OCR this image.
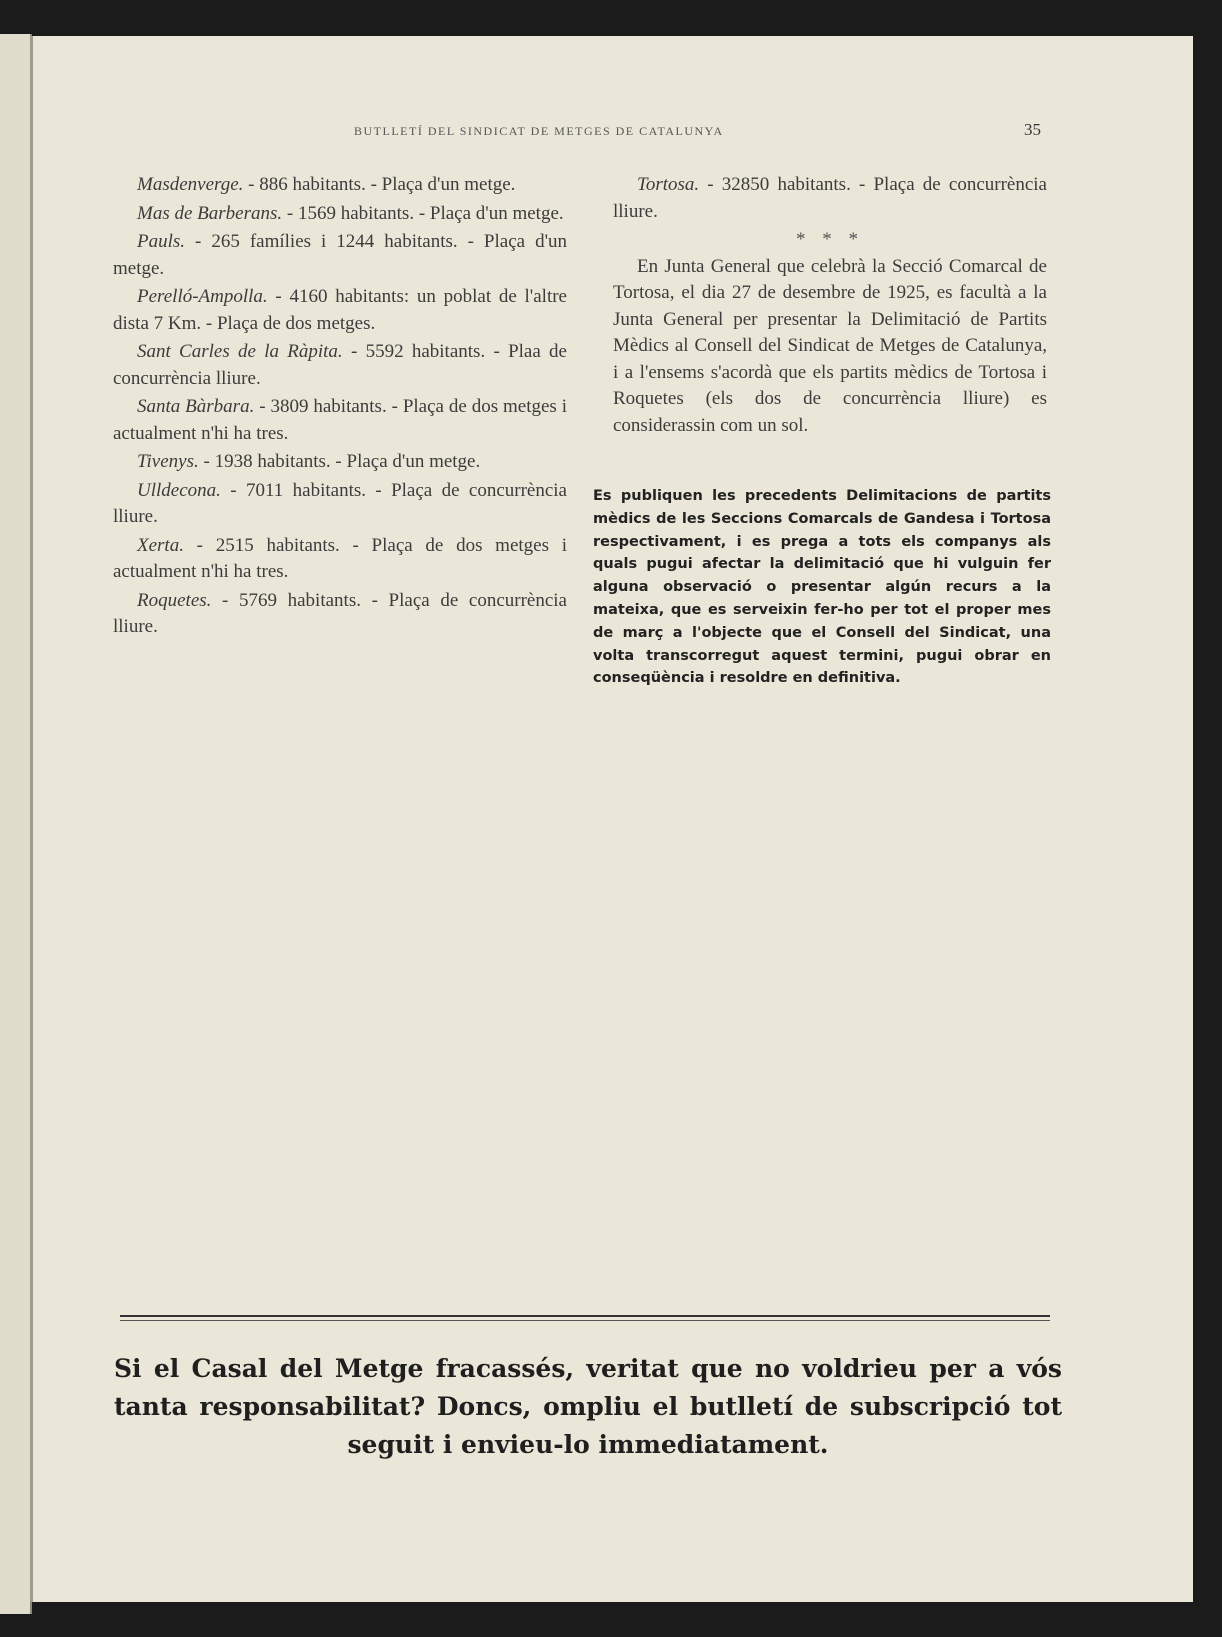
BUTLLETÍ DEL SINDICAT DE METGES DE CATALUNYA	35

Masdenverge. - 886 habitants. - Plaça d'un metge.

Mas de Barberans. - 1569 habitants. - Plaça d'un metge.

Pauls. - 265 famílies i 1244 habitants. - Plaça d'un metge.

Perelló-Ampolla. - 4160 habitants: un poblat de l'altre dista 7 Km. - Plaça de dos metges.

Sant Carles de la Ràpita. - 5592 habitants. - Plaa de concurrència lliure.

Santa Bàrbara. - 3809 habitants. - Plaça de dos metges i actualment n'hi ha tres.

Tivenys. - 1938 habitants. - Plaça d'un metge.

Ulldecona. - 7011 habitants. - Plaça de concurrència lliure.

Xerta. - 2515 habitants. - Plaça de dos metges i actualment n'hi ha tres.

Roquetes. - 5769 habitants. - Plaça de concurrència lliure.

Tortosa. - 32850 habitants. - Plaça de concurrència lliure.

* * *

En Junta General que celebrà la Secció Comarcal de Tortosa, el dia 27 de desembre de 1925, es facultà a la Junta General per presentar la Delimitació de Partits Mèdics al Consell del Sindicat de Metges de Catalunya, i a l'ensems s'acordà que els partits mèdics de Tortosa i Roquetes (els dos de concurrència lliure) es considerassin com un sol.

Es publiquen les precedents Delimitacions de partits mèdics de les Seccions Comarcals de Gandesa i Tortosa respectivament, i es prega a tots els companys als quals pugui afectar la delimitació que hi vulguin fer alguna observació o presentar algún recurs a la mateixa, que es serveixin fer-ho per tot el proper mes de març a l'objecte que el Consell del Sindicat, una volta transcorregut aquest termini, pugui obrar en conseqüència i resoldre en definitiva.
Si el Casal del Metge fracassés, veritat que no voldrieu per a vós tanta responsabilitat? Doncs, ompliu el butlletí de subscripció tot seguit i envieu-lo immediatament.
